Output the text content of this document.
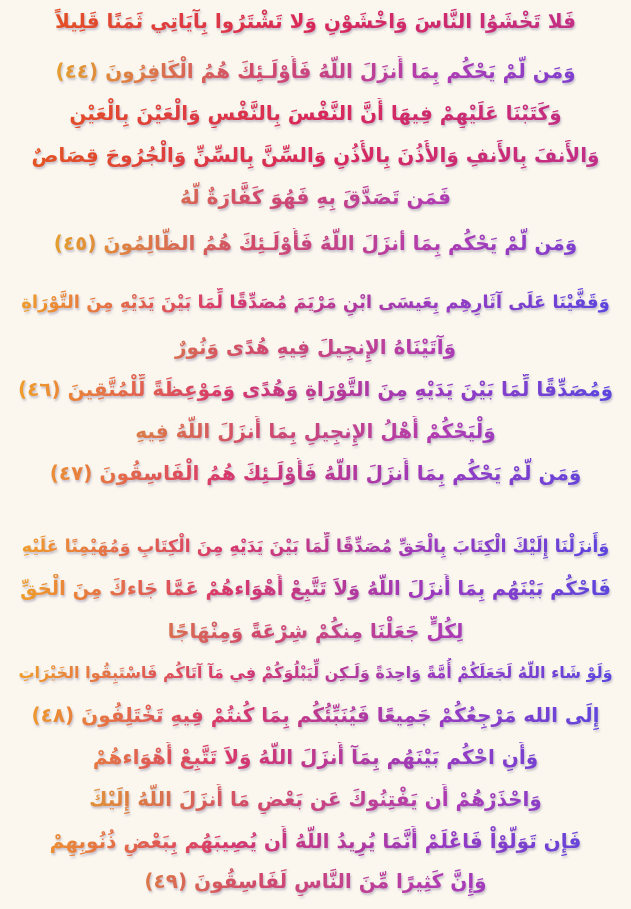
فَلا تَخْشَوُا النَّاسَ وَاخْشَوْنِ وَلا تَشْتَرُوا بِآيَاتِي ثَمَنًا قَلِيلاً
وَمَن لَّمْ يَحْكُم بِمَا أَنزَلَ اللّهُ فَأُوْلَـئِكَ هُمُ الْكَافِرُونَ (٤٤)
وَكَتَبْنَا عَلَيْهِمْ فِيهَا أَنَّ النَّفْسَ بِالنَّفْسِ وَالْعَيْنَ بِالْعَيْنِ
وَالأَنفَ بِالأَنفِ وَالأُذُنَ بِالأُذُنِ وَالسِّنَّ بِالسِّنِّ وَالْجُرُوحَ قِصَاصٌ
فَمَن تَصَدَّقَ بِهِ فَهُوَ كَفَّارَةٌ لَّهُ
وَمَن لَّمْ يَحْكُم بِمَا أنزَلَ اللّهُ فَأُوْلَـئِكَ هُمُ الظَّالِمُونَ (٤٥)
وَقَفَّيْنَا عَلَى آثَارِهِم بِعَيسَى ابْنِ مَرْيَمَ مُصَدِّقًا لِّمَا بَيْنَ يَدَيْهِ مِنَ التَّوْرَاةِ
وَآتَيْنَاهُ الإِنجِيلَ فِيهِ هُدًى وَنُورٌ
وَمُصَدِّقًا لِّمَا بَيْنَ يَدَيْهِ مِنَ التَّوْرَاةِ وَهُدًى وَمَوْعِظَةً لِّلْمُتَّقِينَ (٤٦)
وَلْيَحْكُمْ أَهْلُ الإِنجِيلِ بِمَا أَنزَلَ اللّهُ فِيهِ
وَمَن لَّمْ يَحْكُم بِمَا أَنزَلَ اللّهُ فَأُوْلَـئِكَ هُمُ الْفَاسِقُونَ (٤٧)
وَأَنزَلْنَا إِلَيْكَ الْكِتَابَ بِالْحَقِّ مُصَدِّقًا لِّمَا بَيْنَ يَدَيْهِ مِنَ الْكِتَابِ وَمُهَيْمِنًا عَلَيْهِ
فَاحْكُم بَيْنَهُم بِمَا أَنزَلَ اللّهُ وَلاَ تَتَّبِعْ أَهْوَاءهُمْ عَمَّا جَاءكَ مِنَ الْحَقِّ
لِكُلٍّ جَعَلْنَا مِنكُمْ شِرْعَةً وَمِنْهَاجًا
وَلَوْ شَاء اللّهُ لَجَعَلَكُمْ أُمَّةً وَاحِدَةً وَلَـكِن لِّيَبْلُوَكُمْ فِي مَآ آتَاكُم فَاسْتَبِقُوا الخَيْرَاتِ
إِلَى الله مَرْجِعُكُمْ جَمِيعًا فَيُنَبِّئُكُم بِمَا كُنتُمْ فِيهِ تَخْتَلِفُونَ (٤٨)
وَأَنِ احْكُم بَيْنَهُم بِمَآ أَنزَلَ اللّهُ وَلاَ تَتَّبِعْ أَهْوَاءهُمْ
وَاحْذَرْهُمْ أَن يَفْتِنُوكَ عَن بَعْضِ مَا أَنزَلَ اللّهُ إِلَيْكَ
فَإِن تَوَلَّوْاْ فَاعْلَمْ أَنَّمَا يُرِيدُ اللّهُ أَن يُصِيبَهُم بِبَعْضِ ذُنُوبِهِمْ
وَإِنَّ كَثِيرًا مِّنَ النَّاسِ لَفَاسِقُونَ (٤٩)
